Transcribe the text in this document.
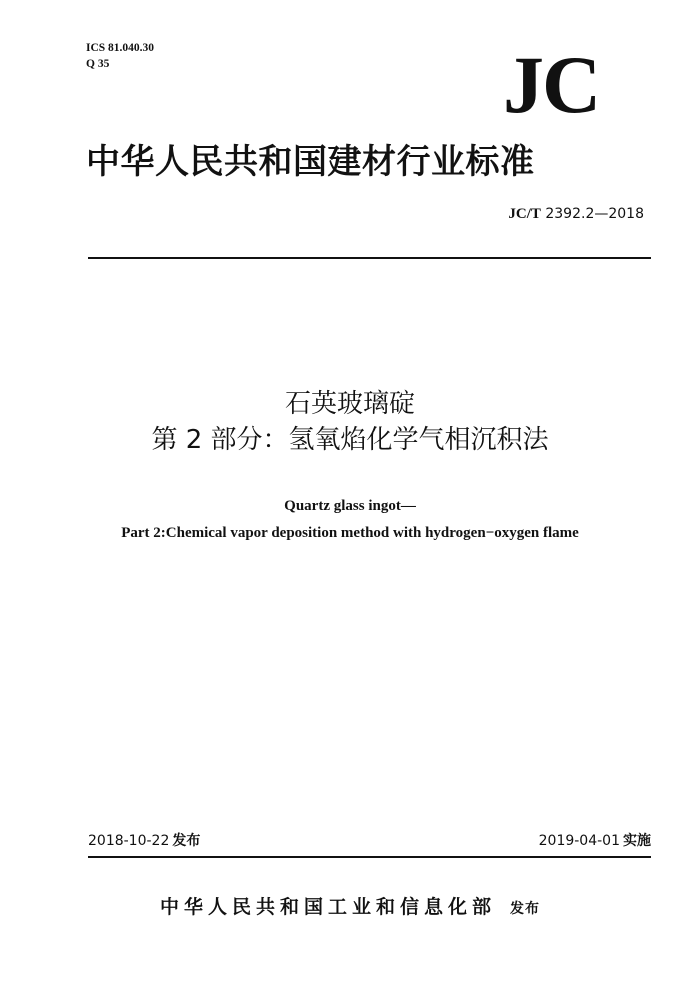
ICS 81.040.30
Q 35	JC
中华人民共和国建材行业标准
JC/T 2392.2—2018
石英玻璃碇
第 2 部分：氢氧焰化学气相沉积法
Quartz glass ingot—
Part 2:Chemical vapor deposition method with hydrogen−oxygen flame
2018-10-22 发布	2019-04-01 实施
中华人民共和国工业和信息化部 发布
